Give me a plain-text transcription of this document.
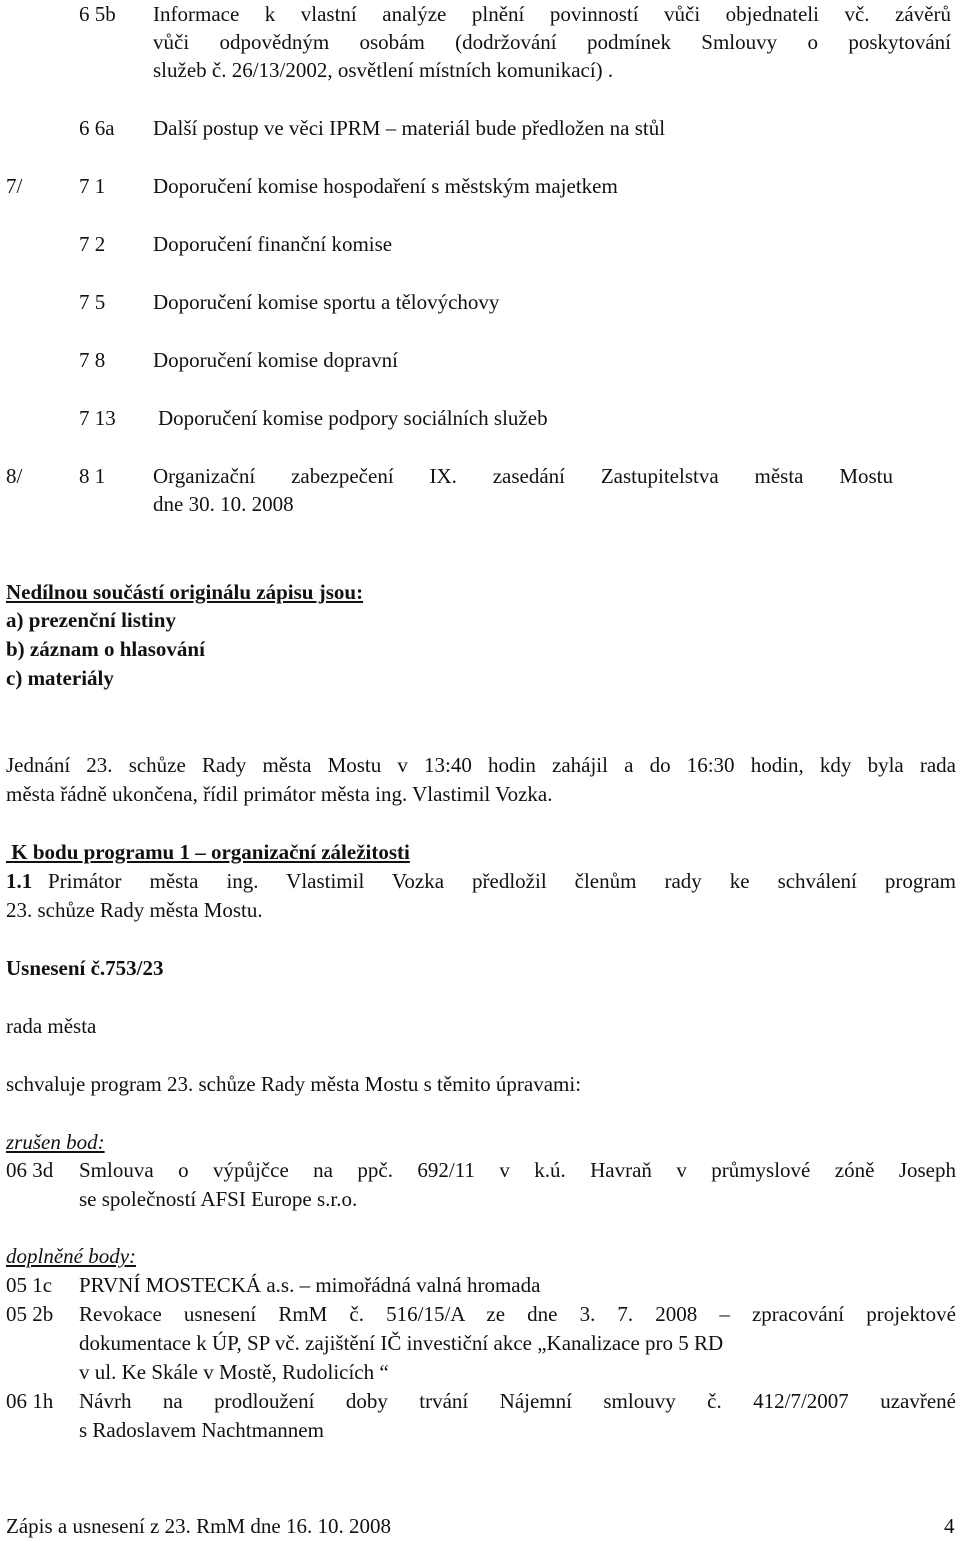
6 5b Informace k vlastní analýze plnění povinností vůči objednateli vč. závěrů
vůči odpovědným osobám (dodržování podmínek Smlouvy o poskytování
služeb č. 26/13/2002, osvětlení místních komunikací) .
6 6a Další postup ve věci IPRM – materiál bude předložen na stůl
7/	7 1 Doporučení komise hospodaření s městským majetkem
7 2 Doporučení finanční komise
7 5 Doporučení komise sportu a tělovýchovy
7 8 Doporučení komise dopravní
7 13 Doporučení komise podpory sociálních služeb
8/	8 1 Organizační zabezpečení IX. zasedání Zastupitelstva města Mostu
dne 30. 10. 2008
Nedílnou součástí originálu zápisu jsou:
a) prezenční listiny
b) záznam o hlasování
c) materiály
Jednání 23. schůze Rady města Mostu v 13:40 hodin zahájil a do 16:30 hodin, kdy byla rada
města řádně ukončena, řídil primátor města ing. Vlastimil Vozka.
K bodu programu 1 – organizační záležitosti
1.1 Primátor města ing. Vlastimil Vozka předložil členům rady ke schválení program
23. schůze Rady města Mostu.
Usnesení č.753/23
rada města
schvaluje program 23. schůze Rady města Mostu s těmito úpravami:
zrušen bod:
06 3d Smlouva o výpůjčce na ppč. 692/11 v k.ú. Havraň v průmyslové zóně Joseph
se společností AFSI Europe s.r.o.
doplněné body:
05 1c PRVNÍ MOSTECKÁ a.s. – mimořádná valná hromada
05 2b Revokace usnesení RmM č. 516/15/A ze dne 3. 7. 2008 – zpracování projektové
dokumentace k ÚP, SP vč. zajištění IČ investiční akce „Kanalizace pro 5 RD
v ul. Ke Skále v Mostě, Rudolicích “
06 1h Návrh na prodloužení doby trvání Nájemní smlouvy č. 412/7/2007 uzavřené
s Radoslavem Nachtmannem
Zápis a usnesení z 23. RmM dne 16. 10. 2008	4
